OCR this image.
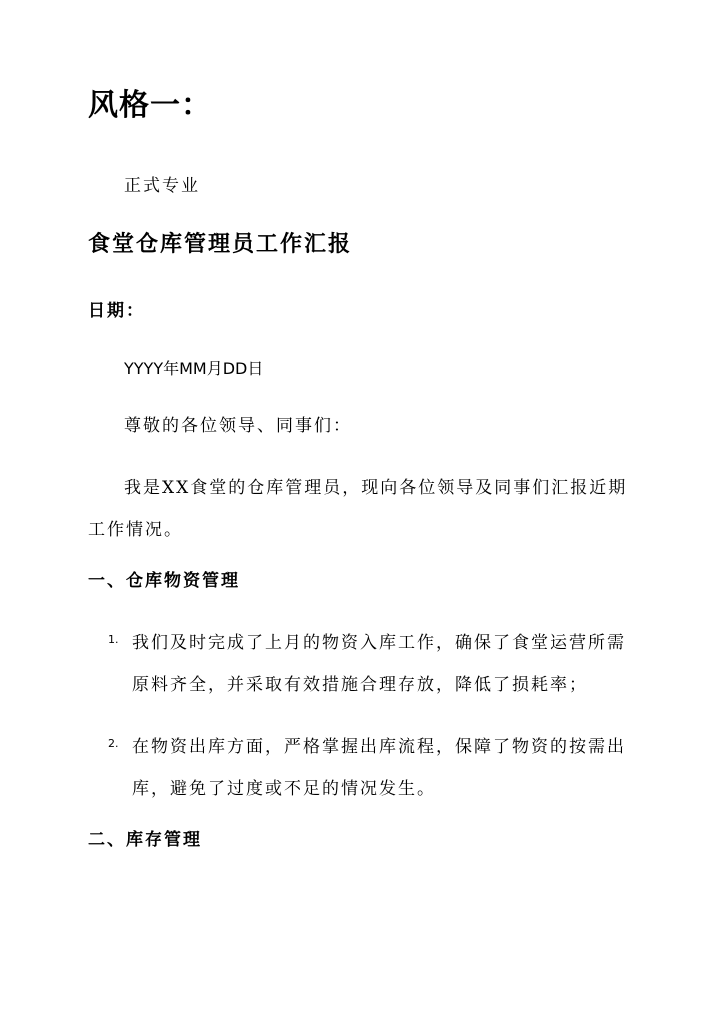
风格一：

正式专业

食堂仓库管理员工作汇报

日期：

YYYY年MM月DD日

尊敬的各位领导、同事们：

我是XX食堂的仓库管理员，现向各位领导及同事们汇报近期工作情况。

一、仓库物资管理
1. 我们及时完成了上月的物资入库工作，确保了食堂运营所需原料齐全，并采取有效措施合理存放，降低了损耗率；
2. 在物资出库方面，严格掌握出库流程，保障了物资的按需出库，避免了过度或不足的情况发生。
二、库存管理
